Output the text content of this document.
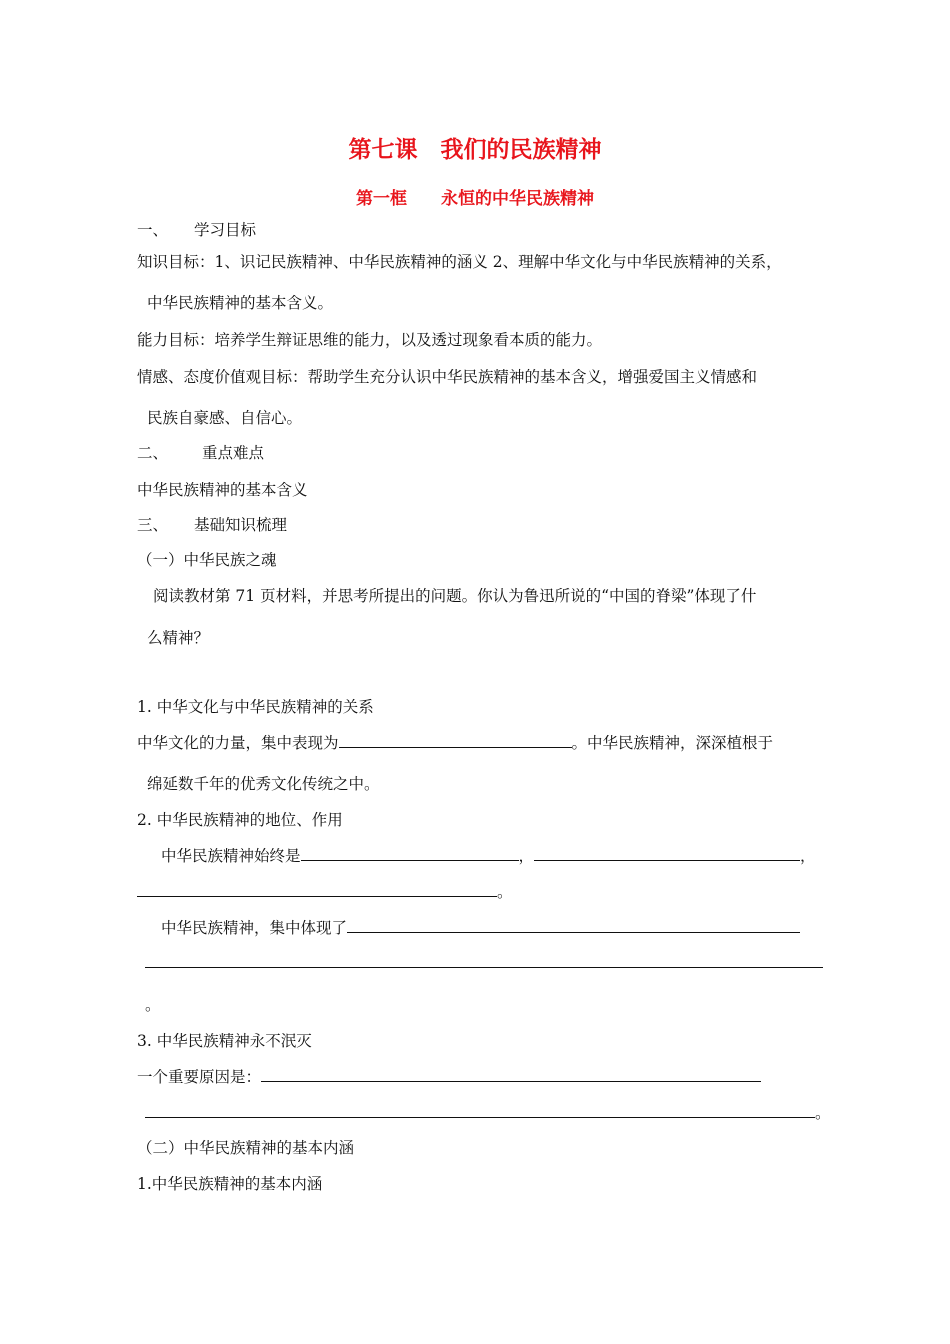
第七课　我们的民族精神
第一框　　永恒的中华民族精神
一、 学习目标
知识目标：1、识记民族精神、中华民族精神的涵义 2、理解中华文化与中华民族精神的关系，
中华民族精神的基本含义。
能力目标：培养学生辩证思维的能力，以及透过现象看本质的能力。
情感、态度价值观目标：帮助学生充分认识中华民族精神的基本含义，增强爱国主义情感和
民族自豪感、自信心。
二、 重点难点
中华民族精神的基本含义
三、 基础知识梳理
（一）中华民族之魂
阅读教材第 71 页材料，并思考所提出的问题。你认为鲁迅所说的“中国的脊梁”体现了什
么精神？
1. 中华文化与中华民族精神的关系
中华文化的力量，集中表现为	。中华民族精神，深深植根于
绵延数千年的优秀文化传统之中。
2. 中华民族精神的地位、作用
中华民族精神始终是	，	，
。
中华民族精神，集中体现了
。
3. 中华民族精神永不泯灭
一个重要原因是：
。
（二）中华民族精神的基本内涵
1.中华民族精神的基本内涵
